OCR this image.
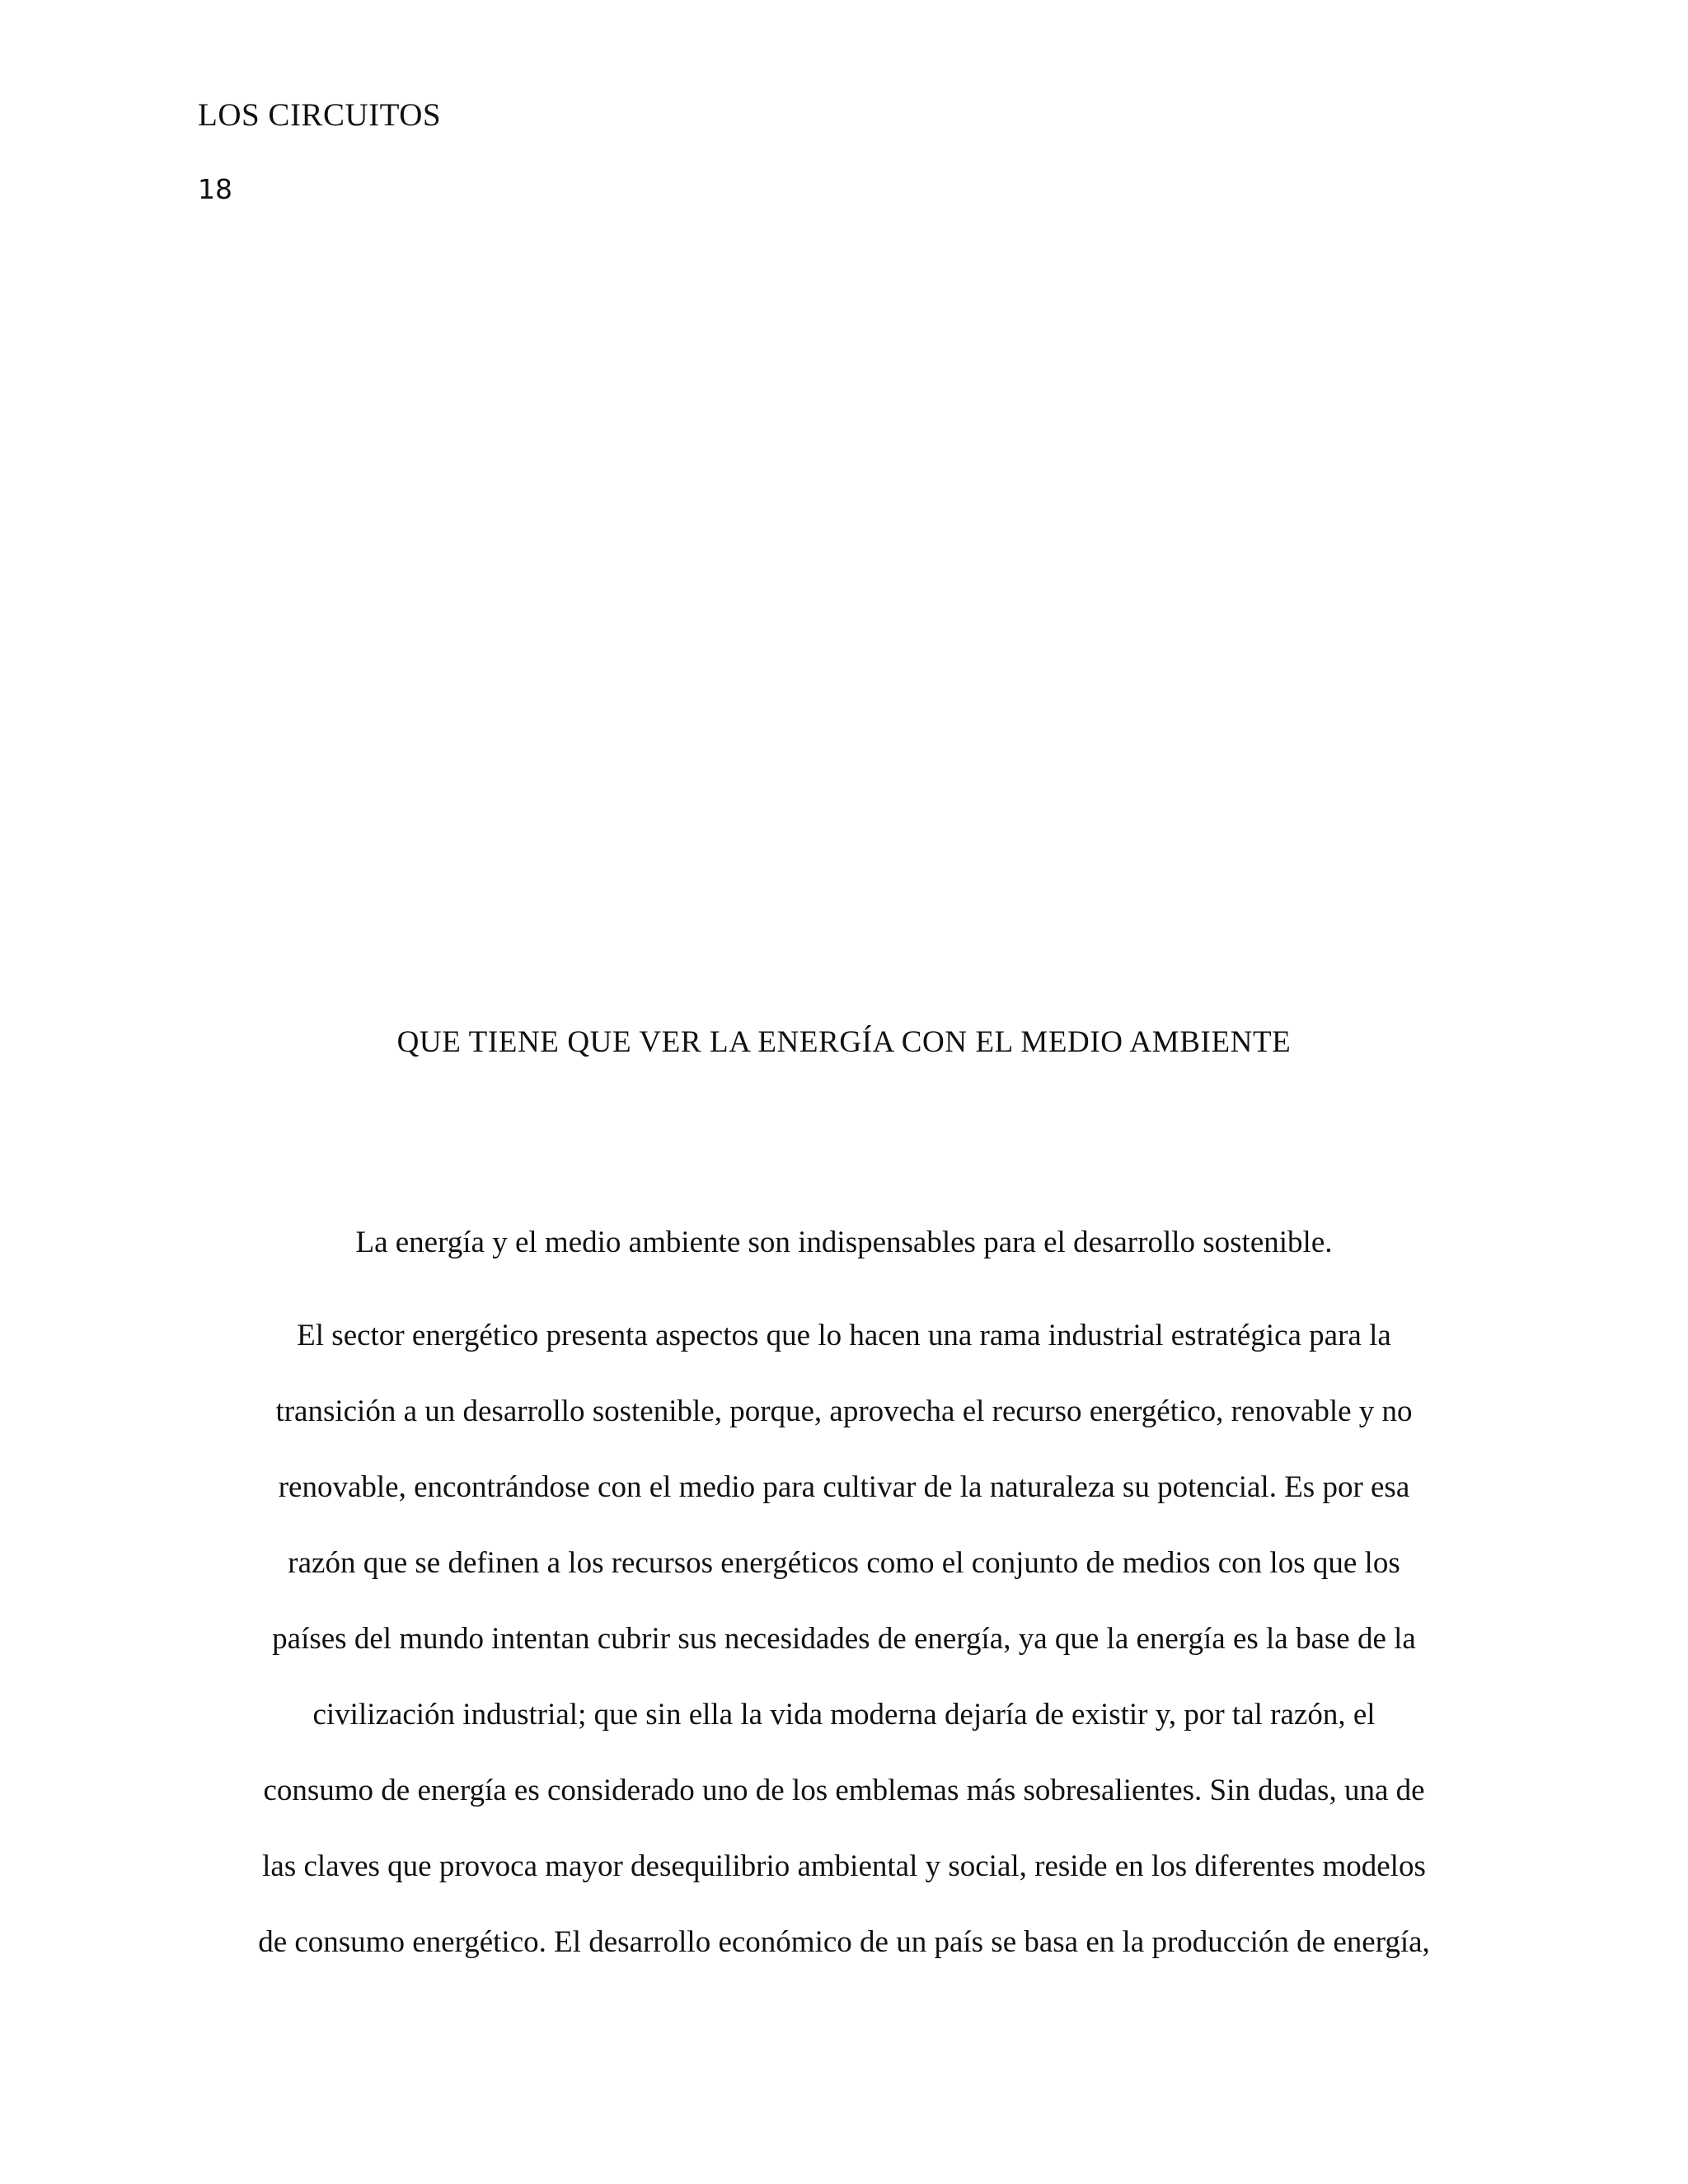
LOS CIRCUITOS
18
QUE TIENE QUE VER LA ENERGÍA CON EL MEDIO AMBIENTE
La energía y el medio ambiente son indispensables para el desarrollo sostenible.
El sector energético presenta aspectos que lo hacen una rama industrial estratégica para la
transición a un desarrollo sostenible, porque, aprovecha el recurso energético, renovable y no
renovable, encontrándose con el medio para cultivar de la naturaleza su potencial. Es por esa
razón que se definen a los recursos energéticos como el conjunto de medios con los que los
países del mundo intentan cubrir sus necesidades de energía, ya que la energía es la base de la
civilización industrial; que sin ella la vida moderna dejaría de existir y, por tal razón, el
consumo de energía es considerado uno de los emblemas más sobresalientes. Sin dudas, una de
las claves que provoca mayor desequilibrio ambiental y social, reside en los diferentes modelos
de consumo energético. El desarrollo económico de un país se basa en la producción de energía,
